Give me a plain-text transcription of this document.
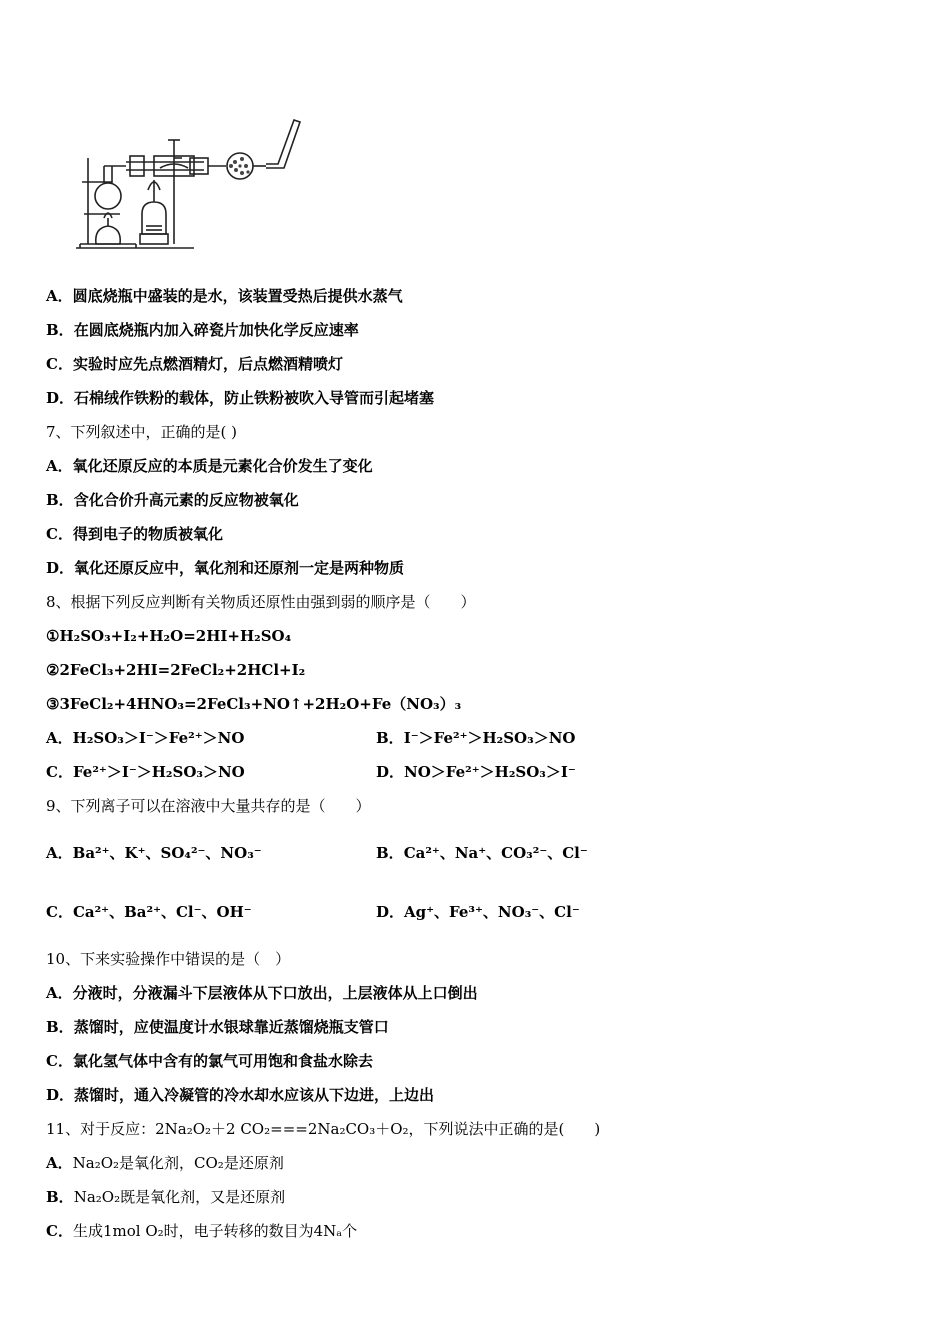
A．圆底烧瓶中盛装的是水，该装置受热后提供水蒸气
B．在圆底烧瓶内加入碎瓷片加快化学反应速率
C．实验时应先点燃酒精灯，后点燃酒精喷灯
D．石棉绒作铁粉的载体，防止铁粉被吹入导管而引起堵塞
7、下列叙述中，正确的是( )
A．氧化还原反应的本质是元素化合价发生了变化
B．含化合价升高元素的反应物被氧化
C．得到电子的物质被氧化
D．氧化还原反应中，氧化剂和还原剂一定是两种物质
8、根据下列反应判断有关物质还原性由强到弱的顺序是（　　）
①H₂SO₃+I₂+H₂O=2HI+H₂SO₄
②2FeCl₃+2HI=2FeCl₂+2HCl+I₂
③3FeCl₂+4HNO₃=2FeCl₃+NO↑+2H₂O+Fe（NO₃）₃
A．H₂SO₃＞I⁻＞Fe²⁺＞NO	B．I⁻＞Fe²⁺＞H₂SO₃＞NO
C．Fe²⁺＞I⁻＞H₂SO₃＞NO	D．NO＞Fe²⁺＞H₂SO₃＞I⁻
9、下列离子可以在溶液中大量共存的是（　　）
A．Ba²⁺、K⁺、SO₄²⁻、NO₃⁻	B．Ca²⁺、Na⁺、CO₃²⁻、Cl⁻
C．Ca²⁺、Ba²⁺、Cl⁻、OH⁻	D．Ag⁺、Fe³⁺、NO₃⁻、Cl⁻
10、下来实验操作中错误的是（　）
A．分液时，分液漏斗下层液体从下口放出，上层液体从上口倒出
B．蒸馏时，应使温度计水银球靠近蒸馏烧瓶支管口
C．氯化氢气体中含有的氯气可用饱和食盐水除去
D．蒸馏时，通入冷凝管的冷水却水应该从下边进，上边出
11、对于反应：2Na₂O₂＋2 CO₂===2Na₂CO₃＋O₂，下列说法中正确的是(　　)
A．Na₂O₂是氧化剂，CO₂是还原剂
B．Na₂O₂既是氧化剂，又是还原剂
C．生成1mol O₂时，电子转移的数目为4Nₐ个
